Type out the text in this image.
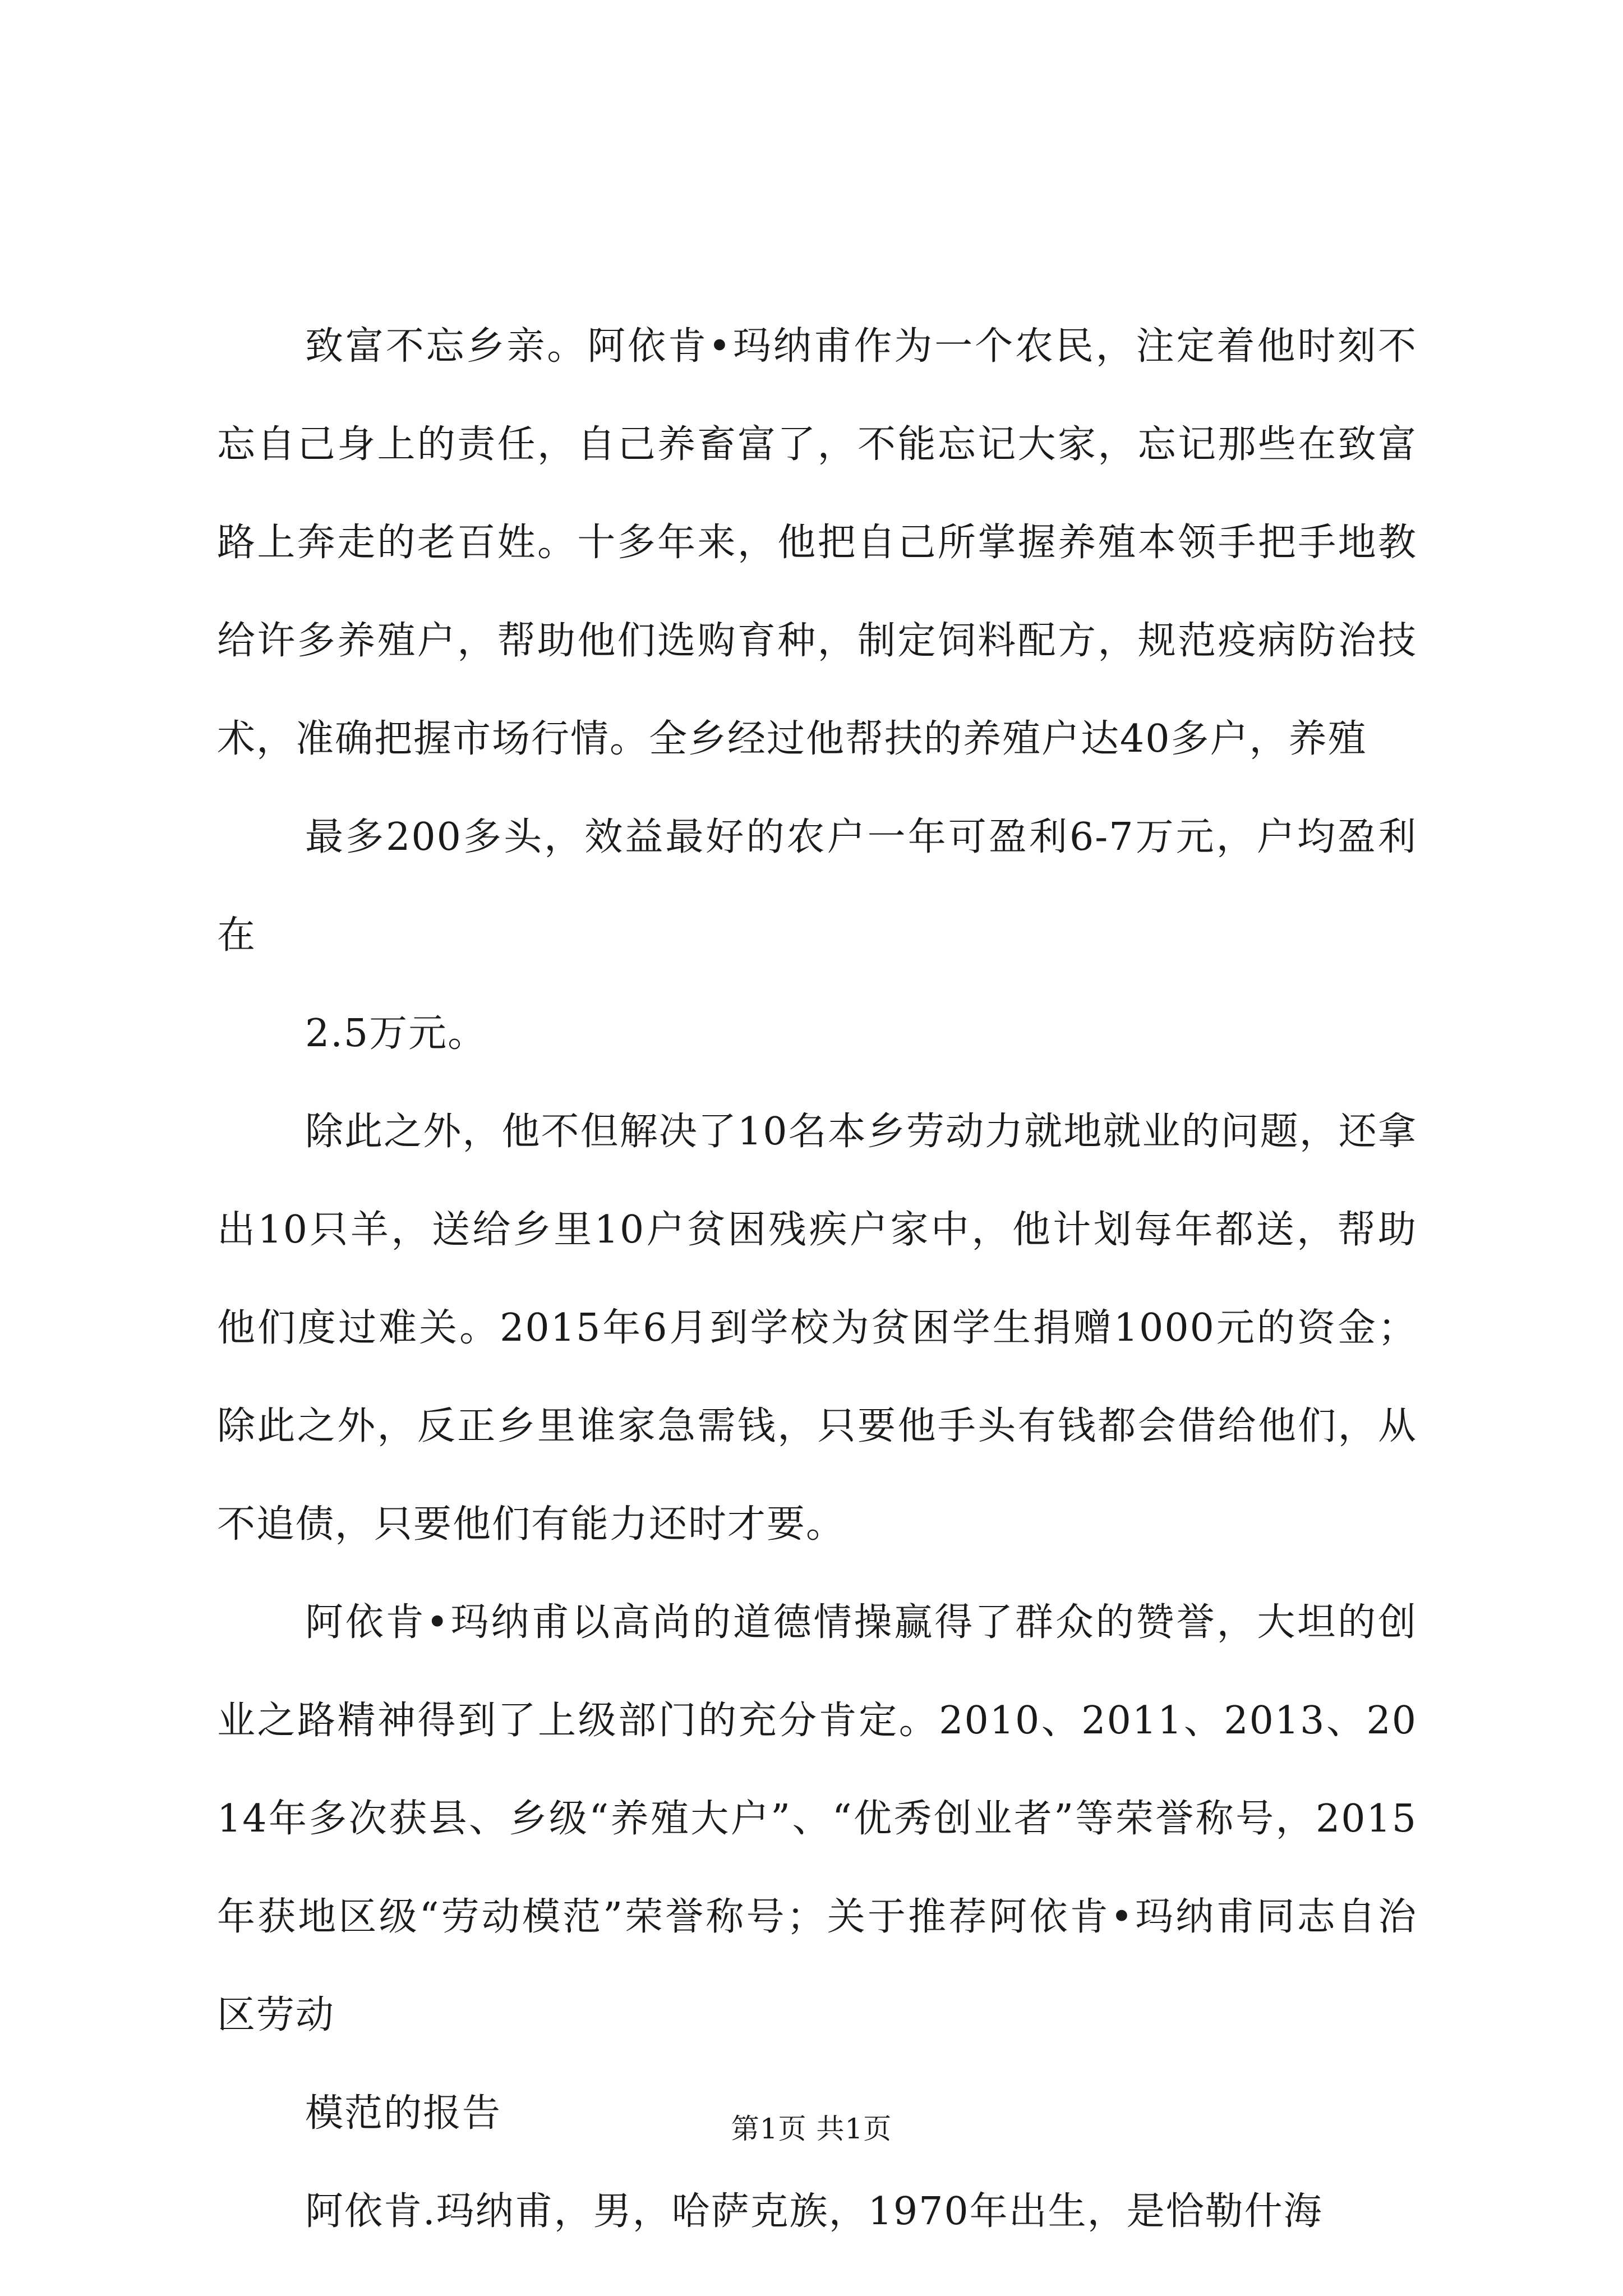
致富不忘乡亲。阿依肯•玛纳甫作为一个农民，注定着他时刻不忘自己身上的责任，自己养畜富了，不能忘记大家，忘记那些在致富路上奔走的老百姓。十多年来，他把自己所掌握养殖本领手把手地教给许多养殖户，帮助他们选购育种，制定饲料配方，规范疫病防治技术，准确把握市场行情。全乡经过他帮扶的养殖户达40多户，养殖

最多200多头，效益最好的农户一年可盈利6-7万元，户均盈利在

2.5万元。

除此之外，他不但解决了10名本乡劳动力就地就业的问题，还拿出10只羊，送给乡里10户贫困残疾户家中，他计划每年都送，帮助他们度过难关。2015年6月到学校为贫困学生捐赠1000元的资金；除此之外，反正乡里谁家急需钱，只要他手头有钱都会借给他们，从不追债，只要他们有能力还时才要。

阿依肯•玛纳甫以高尚的道德情操赢得了群众的赞誉，大坦的创业之路精神得到了上级部门的充分肯定。2010、2011、2013、2014年多次获县、乡级“养殖大户”、“优秀创业者”等荣誉称号，2015年获地区级“劳动模范”荣誉称号；关于推荐阿依肯•玛纳甫同志自治区劳动

模范的报告

阿依肯.玛纳甫，男，哈萨克族，1970年出生，是恰勒什海

第1页 共1页
